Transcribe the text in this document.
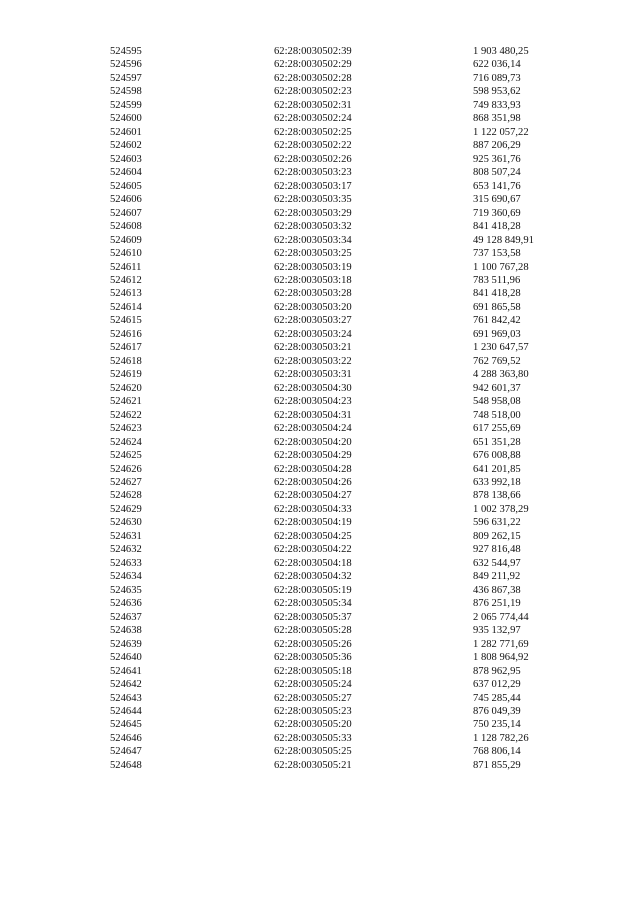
524595	62:28:0030502:39	1 903 480,25
524596	62:28:0030502:29	622 036,14
524597	62:28:0030502:28	716 089,73
524598	62:28:0030502:23	598 953,62
524599	62:28:0030502:31	749 833,93
524600	62:28:0030502:24	868 351,98
524601	62:28:0030502:25	1 122 057,22
524602	62:28:0030502:22	887 206,29
524603	62:28:0030502:26	925 361,76
524604	62:28:0030503:23	808 507,24
524605	62:28:0030503:17	653 141,76
524606	62:28:0030503:35	315 690,67
524607	62:28:0030503:29	719 360,69
524608	62:28:0030503:32	841 418,28
524609	62:28:0030503:34	49 128 849,91
524610	62:28:0030503:25	737 153,58
524611	62:28:0030503:19	1 100 767,28
524612	62:28:0030503:18	783 511,96
524613	62:28:0030503:28	841 418,28
524614	62:28:0030503:20	691 865,58
524615	62:28:0030503:27	761 842,42
524616	62:28:0030503:24	691 969,03
524617	62:28:0030503:21	1 230 647,57
524618	62:28:0030503:22	762 769,52
524619	62:28:0030503:31	4 288 363,80
524620	62:28:0030504:30	942 601,37
524621	62:28:0030504:23	548 958,08
524622	62:28:0030504:31	748 518,00
524623	62:28:0030504:24	617 255,69
524624	62:28:0030504:20	651 351,28
524625	62:28:0030504:29	676 008,88
524626	62:28:0030504:28	641 201,85
524627	62:28:0030504:26	633 992,18
524628	62:28:0030504:27	878 138,66
524629	62:28:0030504:33	1 002 378,29
524630	62:28:0030504:19	596 631,22
524631	62:28:0030504:25	809 262,15
524632	62:28:0030504:22	927 816,48
524633	62:28:0030504:18	632 544,97
524634	62:28:0030504:32	849 211,92
524635	62:28:0030505:19	436 867,38
524636	62:28:0030505:34	876 251,19
524637	62:28:0030505:37	2 065 774,44
524638	62:28:0030505:28	935 132,97
524639	62:28:0030505:26	1 282 771,69
524640	62:28:0030505:36	1 808 964,92
524641	62:28:0030505:18	878 962,95
524642	62:28:0030505:24	637 012,29
524643	62:28:0030505:27	745 285,44
524644	62:28:0030505:23	876 049,39
524645	62:28:0030505:20	750 235,14
524646	62:28:0030505:33	1 128 782,26
524647	62:28:0030505:25	768 806,14
524648	62:28:0030505:21	871 855,29
